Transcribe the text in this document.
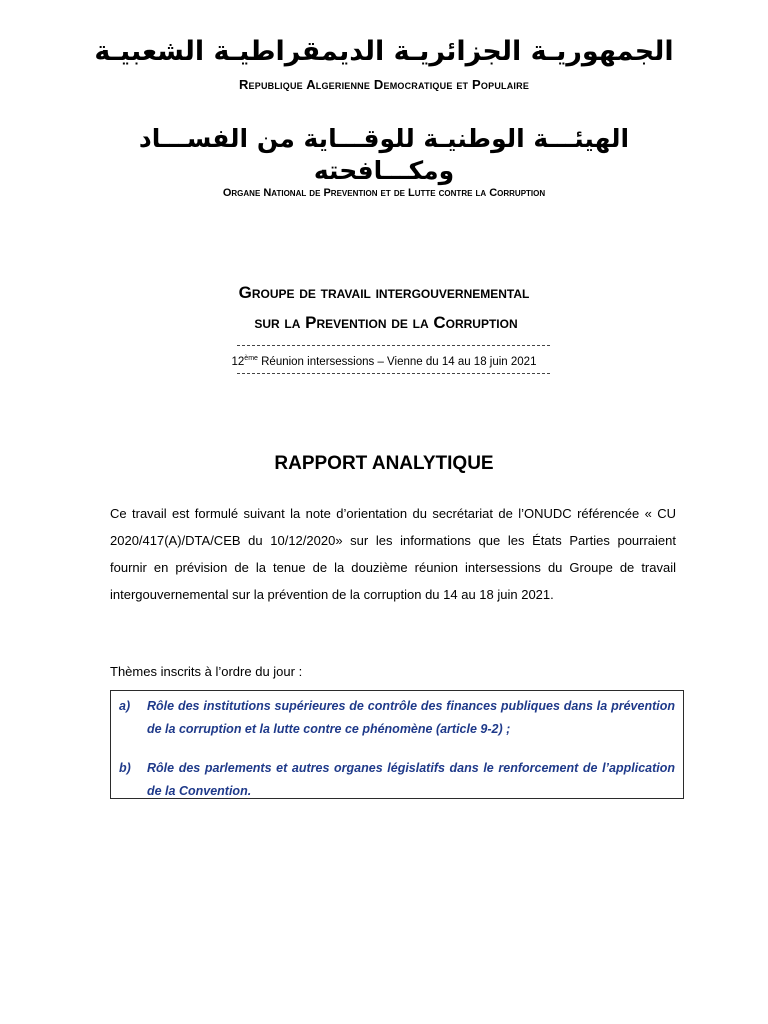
الجمهوريـة الجزائريـة الديمقراطيـة الشعبيـة
Republique Algerienne Democratique et Populaire
الهيئـــة الوطنيـة للوقـــاية من الفســـاد
ومكـــافحته
Organe National de Prevention et de Lutte contre la Corruption
Groupe de travail intergouvernemental
sur la Prevention de la Corruption
12ème Réunion intersessions – Vienne du 14 au 18 juin 2021
RAPPORT ANALYTIQUE

Ce travail est formulé suivant la note d’orientation du secrétariat de l’ONUDC référencée « CU 2020/417(A)/DTA/CEB du 10/12/2020» sur les informations que les États Parties pourraient fournir en prévision de la tenue de la douzième réunion intersessions du Groupe de travail intergouvernemental sur la prévention de la corruption du 14 au 18 juin 2021.

Thèmes inscrits à l’ordre du jour :

a)	Rôle des institutions supérieures de contrôle des finances publiques dans la prévention de la corruption et la lutte contre ce phénomène (article 9-2) ;
b)	Rôle des parlements et autres organes législatifs dans le renforcement de l’application de la Convention.
